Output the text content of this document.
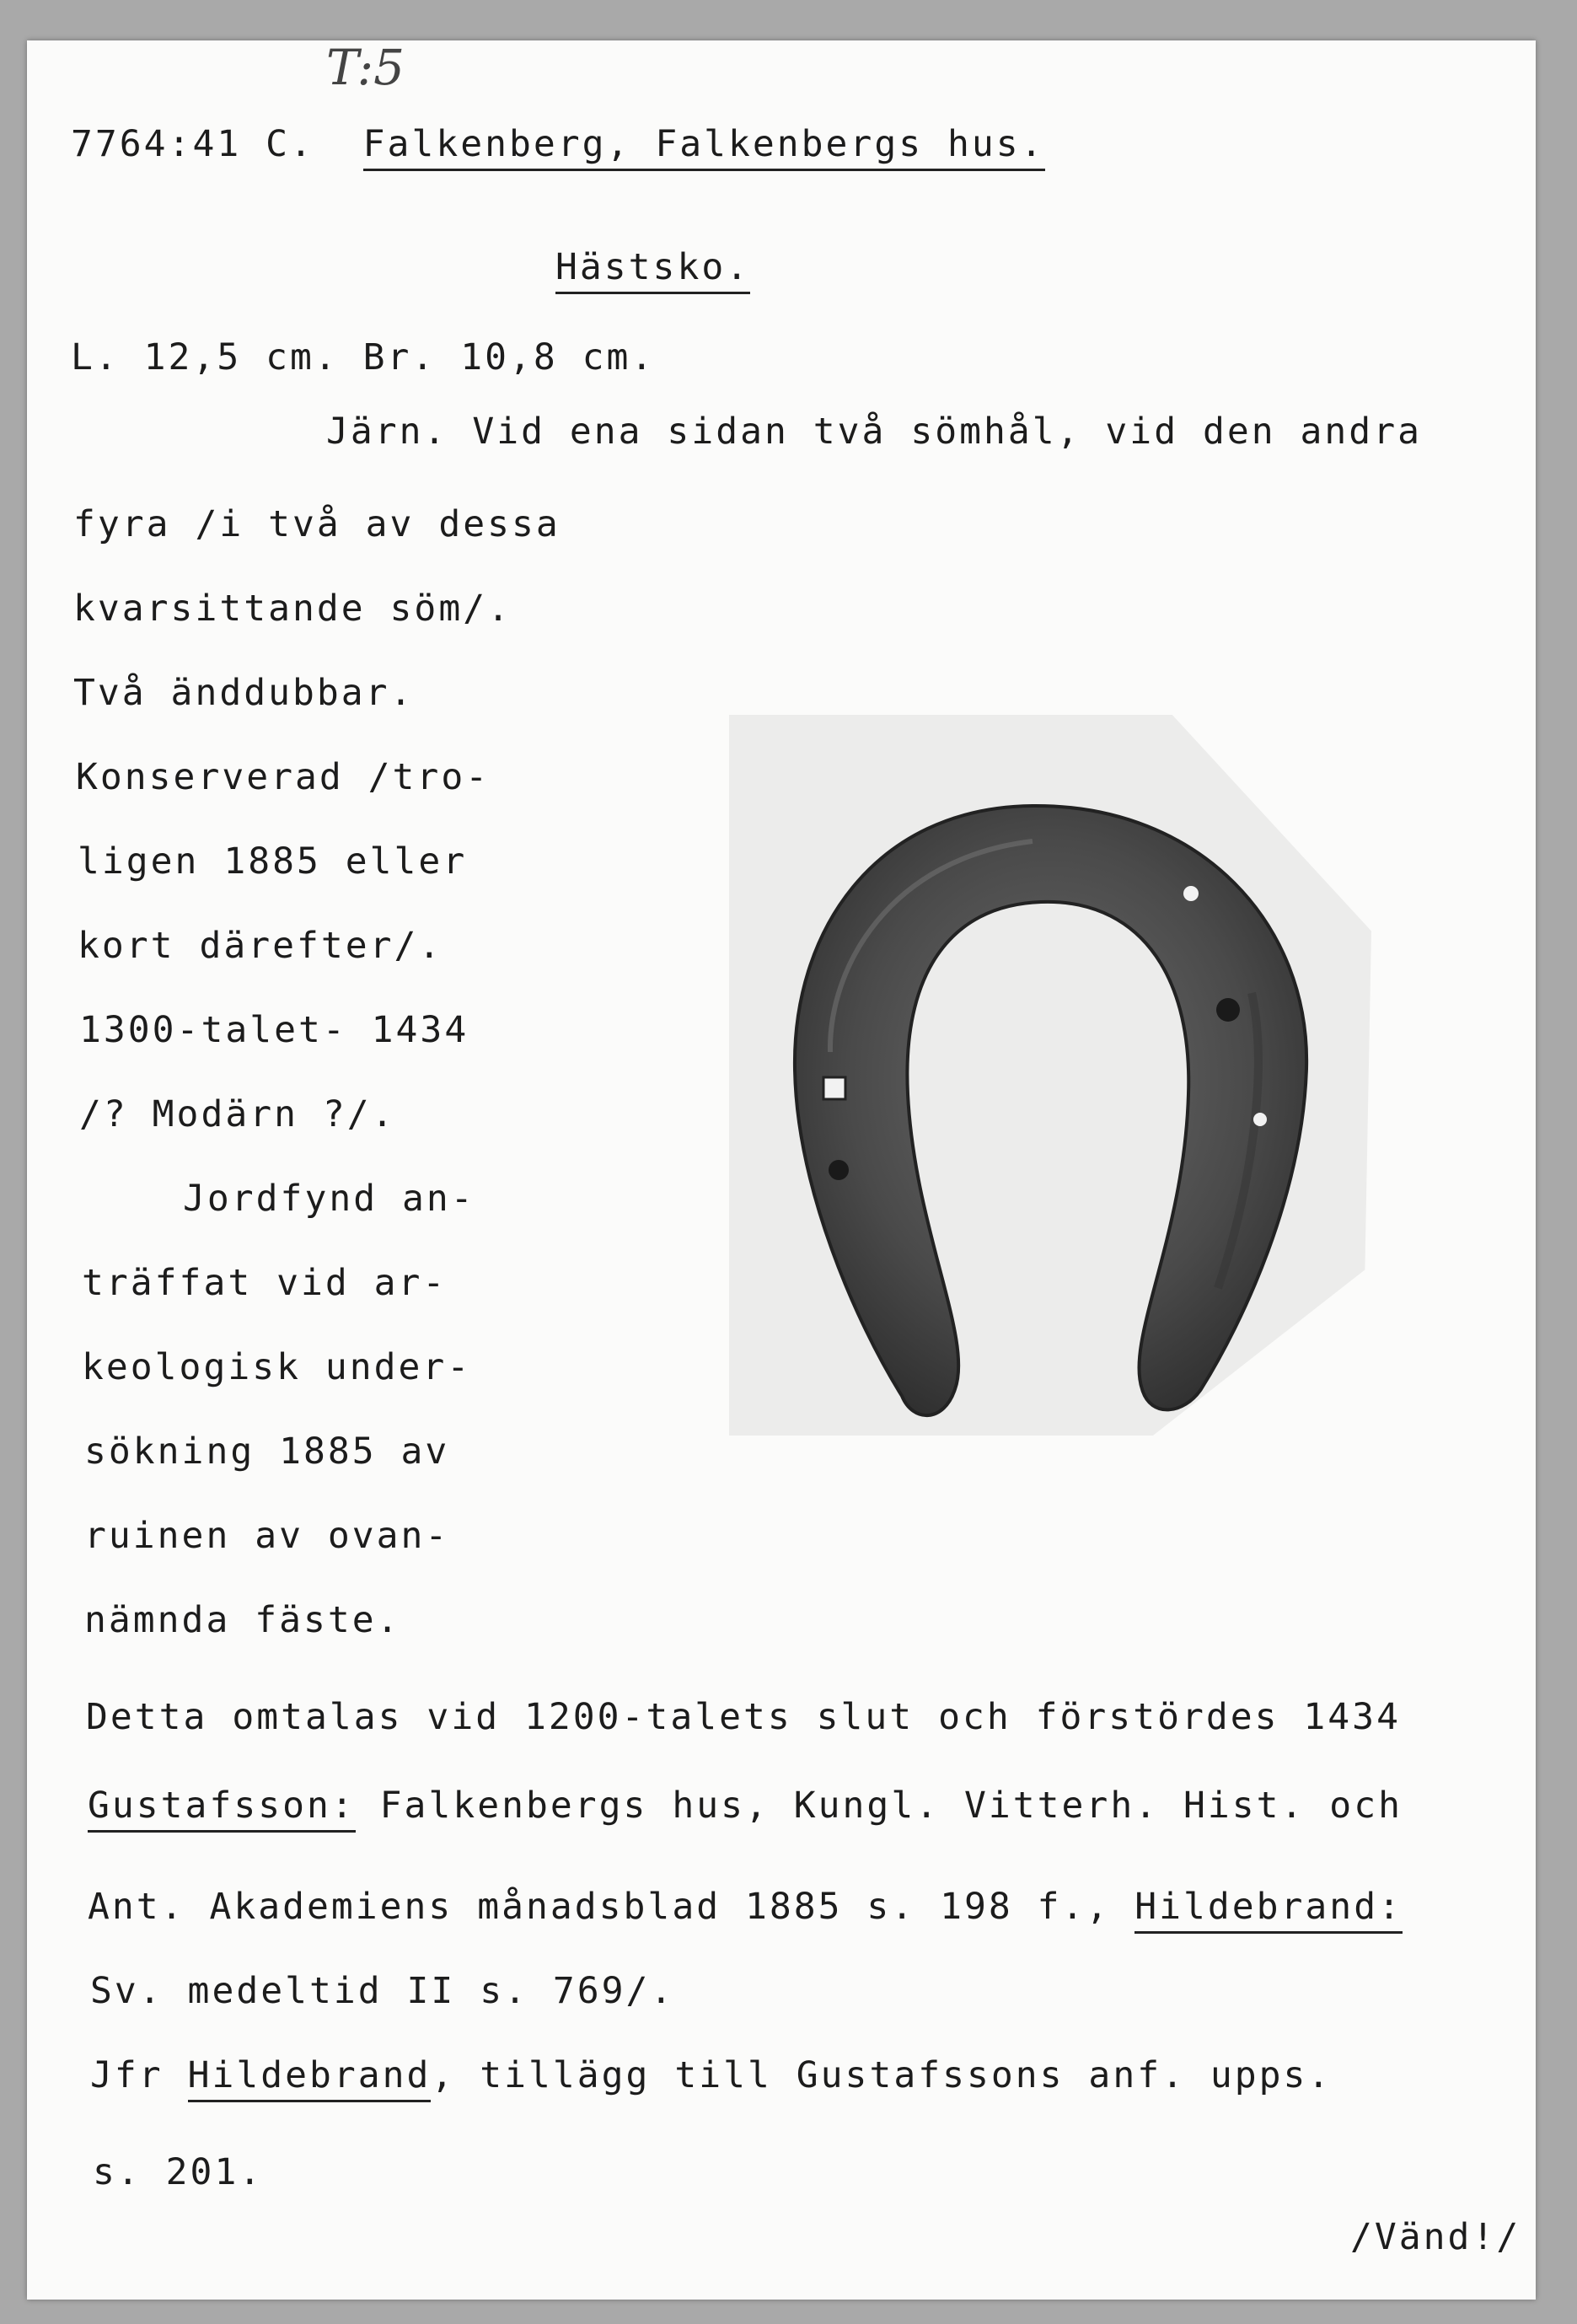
T:5
7764:41 C. Falkenberg, Falkenbergs hus.
Hästsko.
L. 12,5 cm. Br. 10,8 cm.
Järn. Vid ena sidan två sömhål, vid den andra
fyra /i två av dessa
kvarsittande söm/.
Två änddubbar.
Konserverad /tro-
ligen 1885 eller
kort därefter/.
1300-talet- 1434
/? Modärn ?/.
Jordfynd an-
träffat vid ar-
keologisk under-
sökning 1885 av
ruinen av ovan-
nämnda fäste.
Detta omtalas vid 1200-talets slut och förstördes 1434
Gustafsson: Falkenbergs hus, Kungl. Vitterh. Hist. och
Ant. Akademiens månadsblad 1885 s. 198 f., Hildebrand:
Sv. medeltid II s. 769/.
Jfr Hildebrand, tillägg till Gustafssons anf. upps.
s. 201.
/Vänd!/
